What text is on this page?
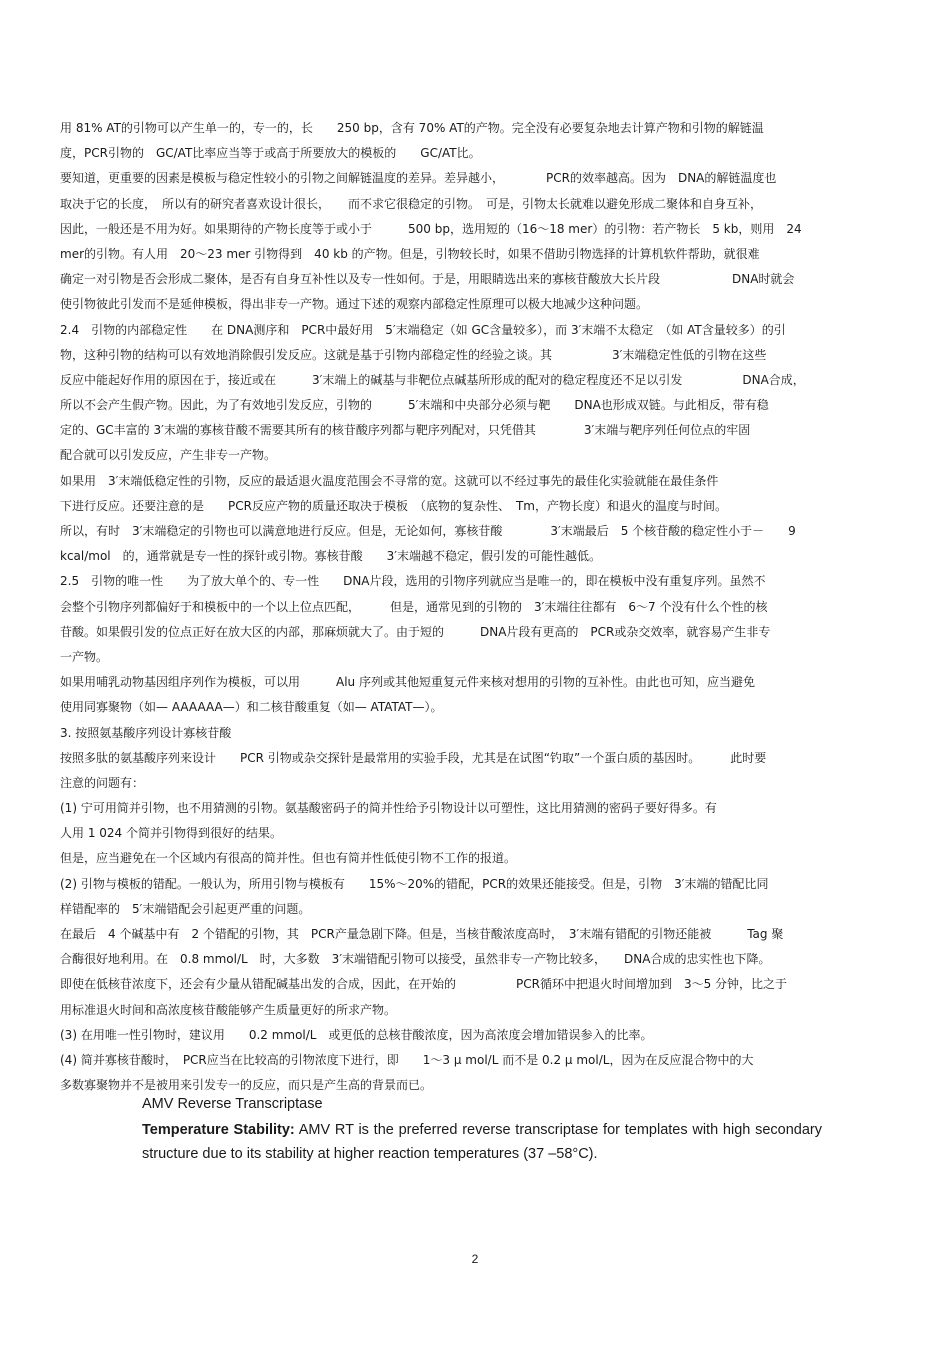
用 81% AT的引物可以产生单一的，专一的，长　　250 bp，含有 70% AT的产物。完全没有必要复杂地去计算产物和引物的解链温
度，PCR引物的　GC/AT比率应当等于或高于所要放大的模板的　　GC/AT比。
要知道，更重要的因素是模板与稳定性较小的引物之间解链温度的差异。差异越小，　　　　PCR的效率越高。因为　DNA的解链温度也
取决于它的长度，　所以有的研究者喜欢设计很长，　　而不求它很稳定的引物。　可是，引物太长就难以避免形成二聚体和自身互补，
因此，一般还是不用为好。如果期待的产物长度等于或小于　　　500 bp，选用短的（16～18 mer）的引物：若产物长　5 kb，则用　24
mer的引物。有人用　20～23 mer 引物得到　40 kb 的产物。但是，引物较长时，如果不借助引物选择的计算机软件帮助，就很难
确定一对引物是否会形成二聚体，是否有自身互补性以及专一性如何。于是，用眼睛选出来的寡核苷酸放大长片段　　　　　　DNA时就会
使引物彼此引发而不是延伸模板，得出非专一产物。通过下述的观察内部稳定性原理可以极大地减少这种问题。
2.4　引物的内部稳定性　　在 DNA测序和　PCR中最好用　5′末端稳定（如 GC含量较多），而 3′末端不太稳定　（如 AT含量较多）的引
物，这种引物的结构可以有效地消除假引发反应。这就是基于引物内部稳定性的经验之谈。其　　　　　3′末端稳定性低的引物在这些
反应中能起好作用的原因在于，接近或在　　　3′末端上的碱基与非靶位点碱基所形成的配对的稳定程度还不足以引发　　　　　DNA合成，
所以不会产生假产物。因此，为了有效地引发反应，引物的　　　5′末端和中央部分必须与靶　　DNA也形成双链。与此相反，带有稳
定的、GC丰富的 3′末端的寡核苷酸不需要其所有的核苷酸序列都与靶序列配对，只凭借其　　　　3′末端与靶序列任何位点的牢固
配合就可以引发反应，产生非专一产物。
如果用　3′末端低稳定性的引物，反应的最适退火温度范围会不寻常的宽。这就可以不经过事先的最佳化实验就能在最佳条件
下进行反应。还要注意的是　　PCR反应产物的质量还取决于模板　（底物的复杂性、　Tm，产物长度）和退火的温度与时间。
所以，有时　3′末端稳定的引物也可以满意地进行反应。但是，无论如何，寡核苷酸　　　　3′末端最后　5 个核苷酸的稳定性小于－　　9
kcal/mol　的，通常就是专一性的探针或引物。寡核苷酸　　3′末端越不稳定，假引发的可能性越低。
2.5　引物的唯一性　　为了放大单个的、专一性　　DNA片段，选用的引物序列就应当是唯一的，即在模板中没有重复序列。虽然不
会整个引物序列都偏好于和模板中的一个以上位点匹配，　　　但是，通常见到的引物的　3′末端往往都有　6～7 个没有什么个性的核
苷酸。如果假引发的位点正好在放大区的内部，那麻烦就大了。由于短的　　　DNA片段有更高的　PCR或杂交效率，就容易产生非专
一产物。
如果用哺乳动物基因组序列作为模板，可以用　　　Alu 序列或其他短重复元件来核对想用的引物的互补性。由此也可知，应当避免
使用同寡聚物（如— AAAAAA—）和二核苷酸重复（如— ATATAT—）。
3. 按照氨基酸序列设计寡核苷酸
按照多肽的氨基酸序列来设计　　PCR 引物或杂交探针是最常用的实验手段，尤其是在试图“钓取”一个蛋白质的基因时。　　　此时要
注意的问题有：
(1) 宁可用简并引物，也不用猜测的引物。氨基酸密码子的简并性给予引物设计以可塑性，这比用猜测的密码子要好得多。有
人用 1 024 个简并引物得到很好的结果。
但是，应当避免在一个区域内有很高的简并性。但也有简并性低使引物不工作的报道。
(2) 引物与模板的错配。一般认为，所用引物与模板有　　15%～20%的错配，PCR的效果还能接受。但是，引物　3′末端的错配比同
样错配率的　5′末端错配会引起更严重的问题。
在最后　4 个碱基中有　2 个错配的引物，其　PCR产量急剧下降。但是，当核苷酸浓度高时，　3′末端有错配的引物还能被　　　Tag 聚
合酶很好地利用。在　0.8 mmol/L　时，大多数　3′末端错配引物可以接受，虽然非专一产物比较多，　　DNA合成的忠实性也下降。
即使在低核苷浓度下，还会有少量从错配碱基出发的合成，因此，在开始的　　　　　PCR循环中把退火时间增加到　3～5 分钟，比之于
用标准退火时间和高浓度核苷酸能够产生质量更好的所求产物。
(3) 在用唯一性引物时，建议用　　0.2 mmol/L　或更低的总核苷酸浓度，因为高浓度会增加错误参入的比率。
(4) 简并寡核苷酸时，　PCR应当在比较高的引物浓度下进行，即　　1～3 μ mol/L 而不是 0.2 μ mol/L，因为在反应混合物中的大
多数寡聚物并不是被用来引发专一的反应，而只是产生高的背景而已。
AMV Reverse Transcriptase

Temperature Stability: AMV RT is the preferred reverse transcriptase for templates with high secondary structure due to its stability at higher reaction temperatures (37 –58°C).

2
